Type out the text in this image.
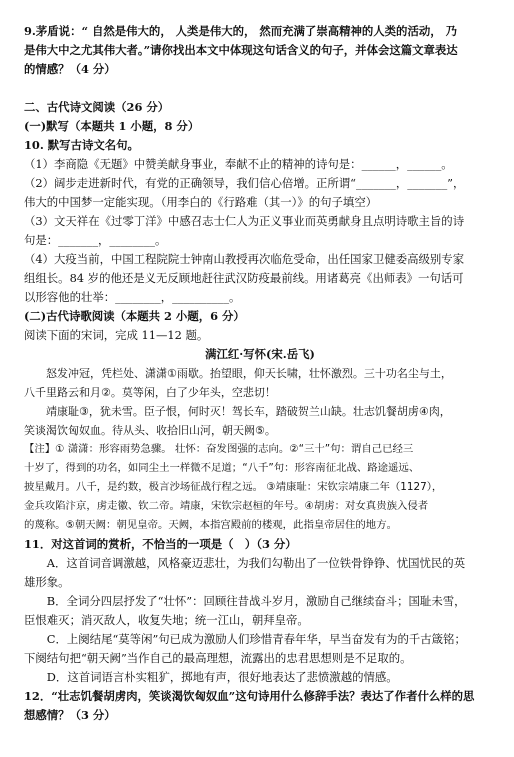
9.茅盾说：“ 自然是伟大的， 人类是伟大的， 然而充满了崇高精神的人类的活动， 乃

是伟大中之尤其伟大者。”请你找出本文中体现这句话含义的句子，并体会这篇文章表达

的情感？（4 分）

二、古代诗文阅读（26 分）

(一)默写（本题共 1 小题，8 分）

10. 默写古诗文名句。

（1）李商隐《无题》中赞美献身事业，奉献不止的精神的诗句是：______，______。

（2）阔步走进新时代，有党的正确领导，我们信心倍增。正所谓“_______，_______”，

伟大的中国梦一定能实现。（用李白的《行路难（其一）》的句子填空）

（3）文天祥在《过零丁洋》中感召志士仁人为正义事业而英勇献身且点明诗歌主旨的诗

句是：_______，________。

（4）大疫当前，中国工程院院士钟南山教授再次临危受命，出任国家卫健委高级别专家

组组长。84 岁的他还是义无反顾地赶往武汉防疫最前线。用诸葛亮《出师表》一句话可

以形容他的壮举：________，__________。

(二)古代诗歌阅读（本题共 2 小题，6 分）

阅读下面的宋词，完成 11—12 题。

满江红·写怀(宋.岳飞)

怒发冲冠，凭栏处、潇潇①雨歇。抬望眼，仰天长啸，壮怀激烈。三十功名尘与土，

八千里路云和月②。莫等闲，白了少年头，空悲切！

靖康耻③，犹未雪。臣子恨，何时灭！驾长车，踏破贺兰山缺。壮志饥餐胡虏④肉，

笑谈渴饮匈奴血。待从头、收拾旧山河，朝天阙⑤。

【注】① 潇潇：形容雨势急骤。 壮怀：奋发图强的志向。②“三十”句：谓自己已经三

十岁了，得到的功名，如同尘土一样微不足道；“八千”句：形容南征北战、路途遥远、

披星戴月。八千，是约数，极言沙场征战行程之远。 ③靖康耻：宋钦宗靖康二年（1127），

金兵攻陷汴京，虏走徽、钦二帝。靖康，宋钦宗赵桓的年号。④胡虏：对女真贵族入侵者

的蔑称。⑤朝天阙：朝见皇帝。天阙，本指宫殿前的楼观，此指皇帝居住的地方。

11．对这首词的赏析，不恰当的一项是（　）（3 分）

A．这首词音调激越，风格豪迈悲壮，为我们勾勒出了一位铁骨铮铮、忧国忧民的英

雄形象。

B．全词分四层抒发了“壮怀”：回顾往昔战斗岁月，激励自己继续奋斗；国耻未雪，

臣恨难灭；消灭敌人，收复失地；统一江山，朝拜皇帝。

C．上阕结尾“莫等闲”句已成为激励人们珍惜青春年华，早当奋发有为的千古箴铭；

下阕结句把“朝天阙”当作自己的最高理想，流露出的忠君思想则是不足取的。

D．这首词语言朴实粗犷，掷地有声，很好地表达了悲愤激越的情感。

12．“壮志饥餐胡虏肉，笑谈渴饮匈奴血”这句诗用什么修辞手法？表达了作者什么样的思

想感情？（3 分）
